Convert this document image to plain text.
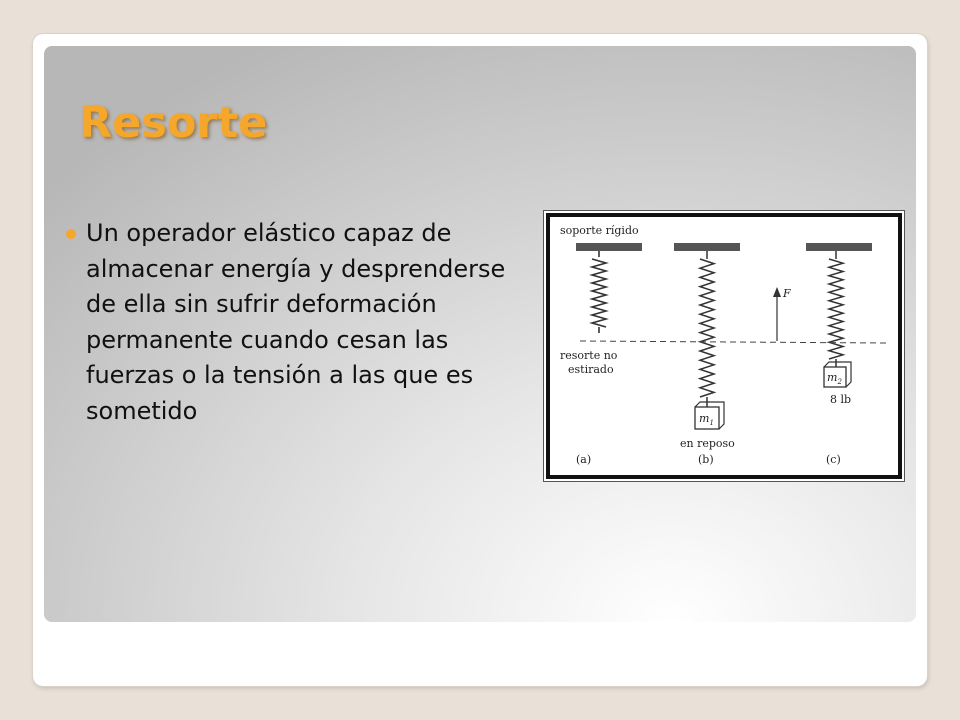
Resorte

Un operador elástico capaz de almacenar energía y desprenderse de ella sin sufrir deformación permanente cuando cesan las fuerzas o la tensión a las que es sometido

soporte rígido
resorte no
estirado
F
$m_1$
$m_2$
8 lb
en reposo
(a)	(b)	(c)
